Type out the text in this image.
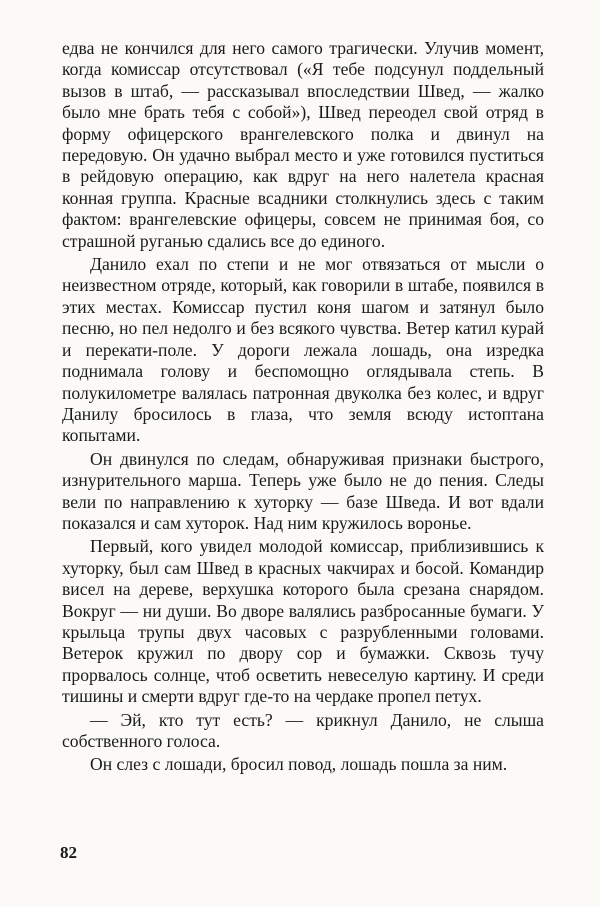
едва не кончился для него самого трагически. Улучив момент, когда комиссар отсутствовал («Я тебе подсунул поддельный вызов в штаб, — рассказывал впоследствии Швед, — жалко было мне брать тебя с собой»), Швед переодел свой отряд в форму офицерского врангелевского полка и двинул на передовую. Он удачно выбрал место и уже готовился пуститься в рейдовую операцию, как вдруг на него налетела красная конная группа. Красные всадники столкнулись здесь с таким фактом: врангелевские офицеры, совсем не принимая боя, со страшной руганью сдались все до единого.

Данило ехал по степи и не мог отвязаться от мысли о неизвестном отряде, который, как говорили в штабе, появился в этих местах. Комиссар пустил коня шагом и затянул было песню, но пел недолго и без всякого чувства. Ветер катил курай и перекати-поле. У дороги лежала лошадь, она изредка поднимала голову и беспомощно оглядывала степь. В полукилометре валялась патронная двуколка без колес, и вдруг Данилу бросилось в глаза, что земля всюду истоптана копытами.

Он двинулся по следам, обнаруживая признаки быстрого, изнурительного марша. Теперь уже было не до пения. Следы вели по направлению к хуторку — базе Шведа. И вот вдали показался и сам хуторок. Над ним кружилось воронье.

Первый, кого увидел молодой комиссар, приблизившись к хуторку, был сам Швед в красных чакчирах и босой. Командир висел на дереве, верхушка которого была срезана снарядом. Вокруг — ни души. Во дворе валялись разбросанные бумаги. У крыльца трупы двух часовых с разрубленными головами. Ветерок кружил по двору сор и бумажки. Сквозь тучу прорвалось солнце, чтоб осветить невеселую картину. И среди тишины и смерти вдруг где-то на чердаке пропел петух.

— Эй, кто тут есть? — крикнул Данило, не слыша собственного голоса.

Он слез с лошади, бросил повод, лошадь пошла за ним.

82
